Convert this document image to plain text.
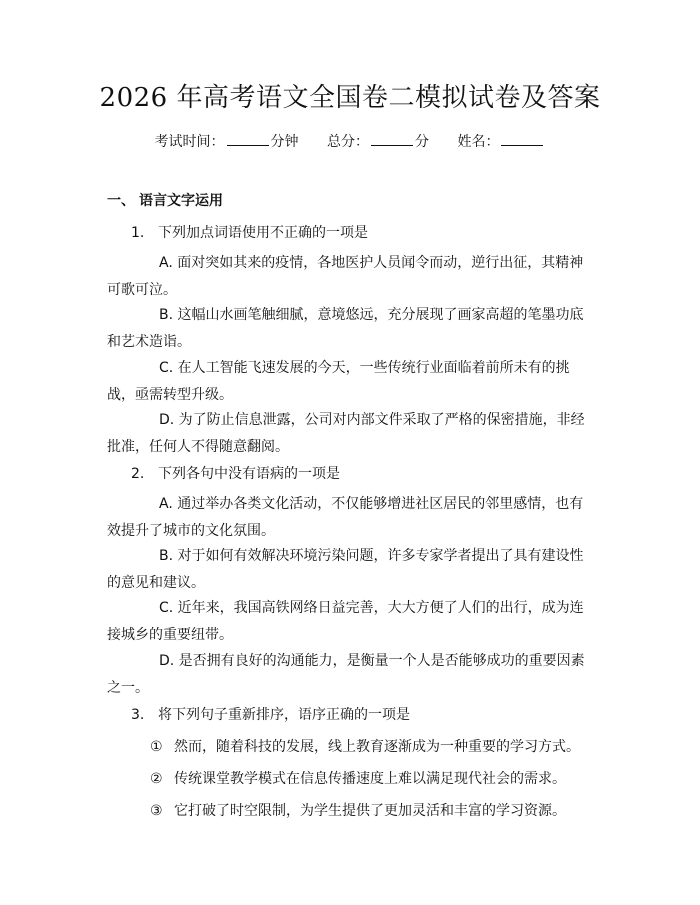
2026 年高考语文全国卷二模拟试卷及答案
考试时间：	分钟 总分：	分 姓名：
一、 语言文字运用
1. 下列加点词语使用不正确的一项是

A. 面对突如其来的疫情，各地医护人员闻令而动，逆行出征，其精神可歌可泣。

B. 这幅山水画笔触细腻，意境悠远，充分展现了画家高超的笔墨功底和艺术造诣。

C. 在人工智能飞速发展的今天，一些传统行业面临着前所未有的挑战，亟需转型升级。

D. 为了防止信息泄露，公司对内部文件采取了严格的保密措施，非经批准，任何人不得随意翻阅。

2. 下列各句中没有语病的一项是

A. 通过举办各类文化活动，不仅能够增进社区居民的邻里感情，也有效提升了城市的文化氛围。

B. 对于如何有效解决环境污染问题，许多专家学者提出了具有建设性的意见和建议。

C. 近年来，我国高铁网络日益完善，大大方便了人们的出行，成为连接城乡的重要纽带。

D. 是否拥有良好的沟通能力，是衡量一个人是否能够成功的重要因素之一。

3. 将下列句子重新排序，语序正确的一项是
① 然而，随着科技的发展，线上教育逐渐成为一种重要的学习方式。
② 传统课堂教学模式在信息传播速度上难以满足现代社会的需求。
③ 它打破了时空限制，为学生提供了更加灵活和丰富的学习资源。
